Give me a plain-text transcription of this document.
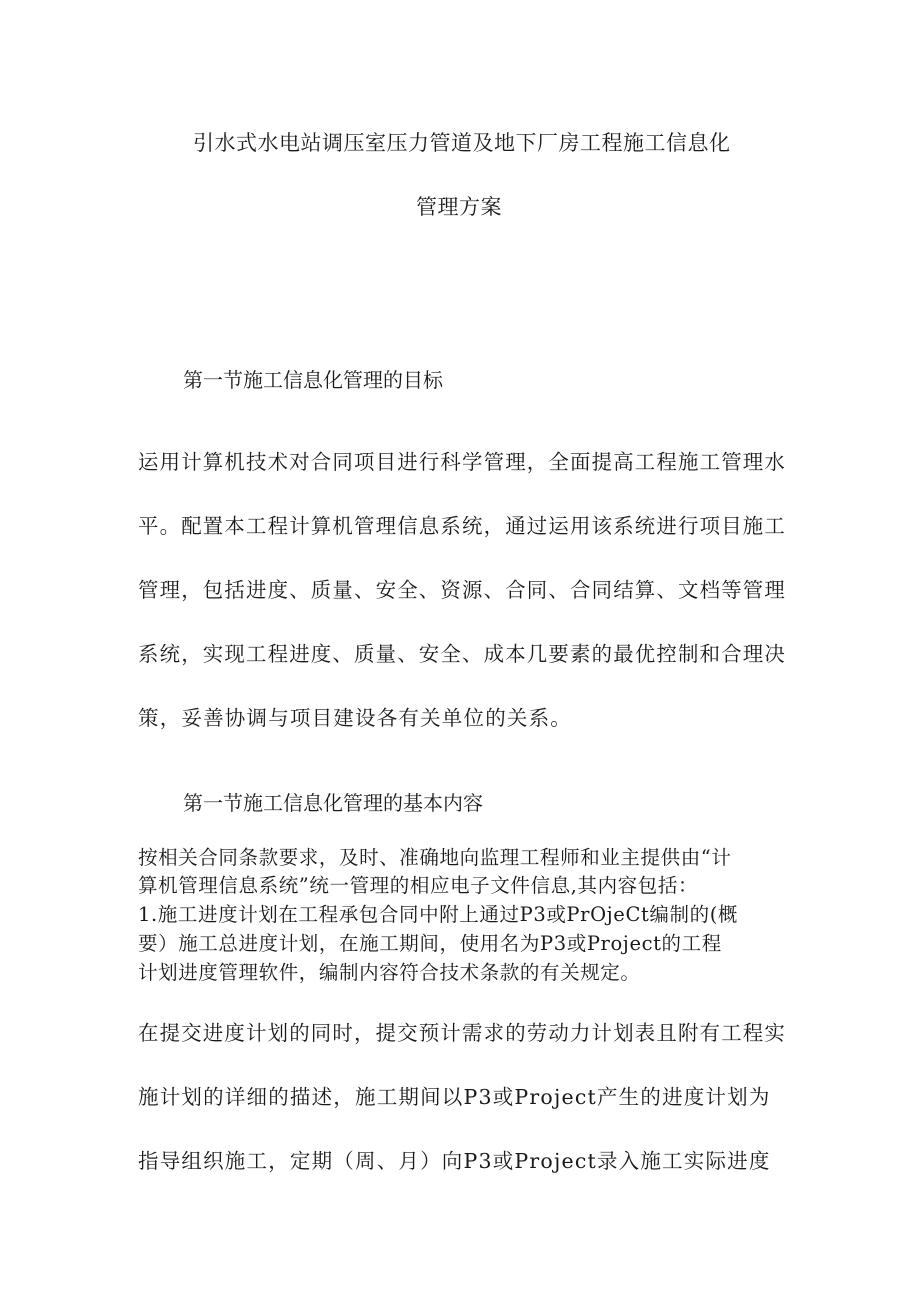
引水式水电站调压室压力管道及地下厂房工程施工信息化

管理方案

第一节施工信息化管理的目标

运用计算机技术对合同项目进行科学管理，全面提高工程施工管理水

平。配置本工程计算机管理信息系统，通过运用该系统进行项目施工

管理，包括进度、质量、安全、资源、合同、合同结算、文档等管理

系统，实现工程进度、质量、安全、成本几要素的最优控制和合理决

策，妥善协调与项目建设各有关单位的关系。

第一节施工信息化管理的基本内容

按相关合同条款要求，及时、准确地向监理工程师和业主提供由“计

算机管理信息系统”统一管理的相应电子文件信息,其内容包括：

1.施工进度计划在工程承包合同中附上通过P3或PrOjeCt编制的(概

要）施工总进度计划，在施工期间，使用名为P3或Project的工程

计划进度管理软件，编制内容符合技术条款的有关规定。

在提交进度计划的同时，提交预计需求的劳动力计划表且附有工程实

施计划的详细的描述，施工期间以P3或Project产生的进度计划为

指导组织施工，定期（周、月）向P3或Project录入施工实际进度
